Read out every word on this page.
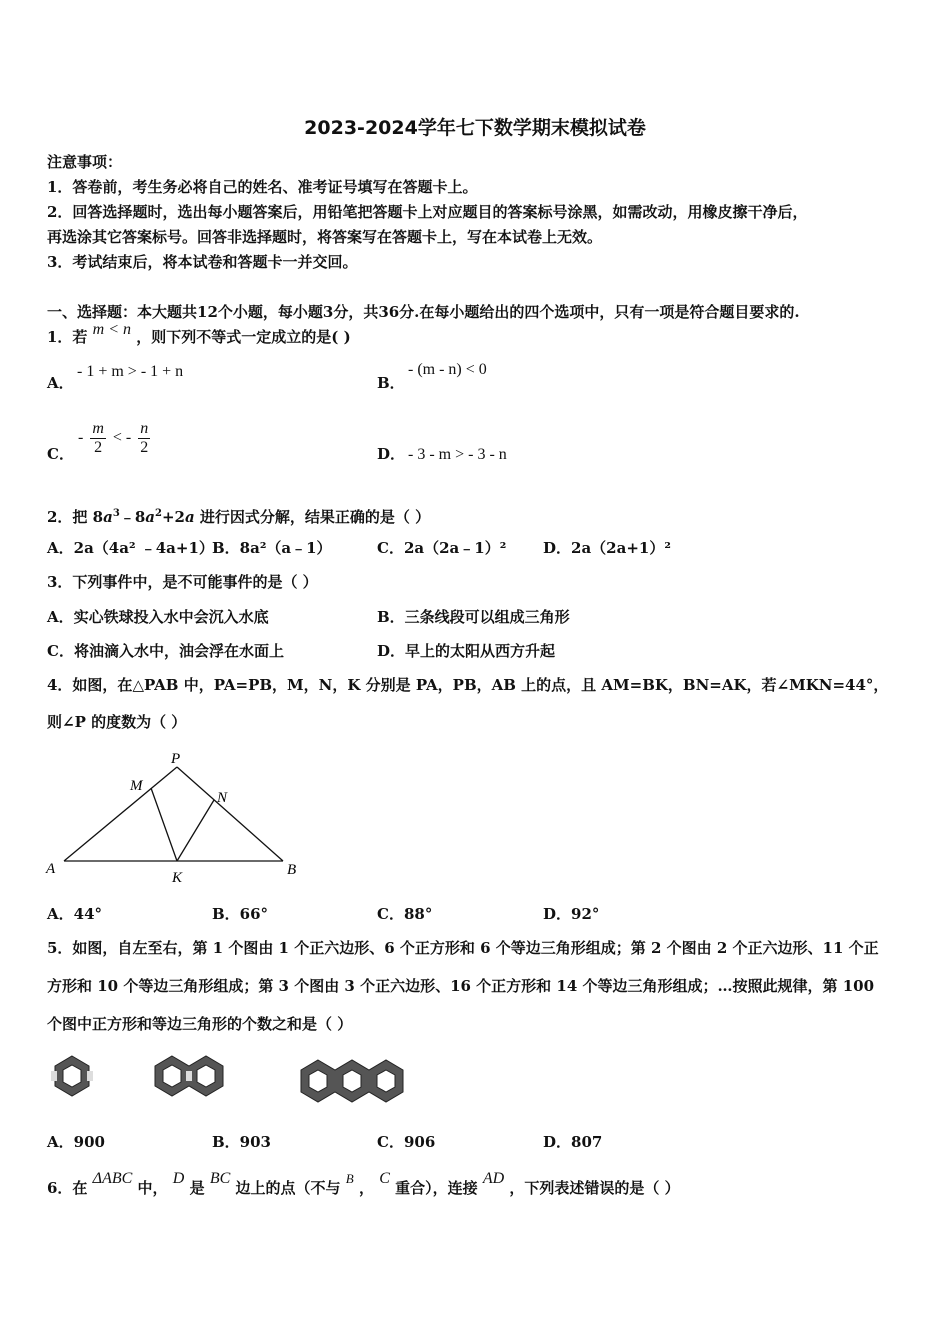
2023-2024学年七下数学期末模拟试卷
注意事项：
1．答卷前，考生务必将自己的姓名、准考证号填写在答题卡上。
2．回答选择题时，选出每小题答案后，用铅笔把答题卡上对应题目的答案标号涂黑，如需改动，用橡皮擦干净后，
再选涂其它答案标号。回答非选择题时，将答案写在答题卡上，写在本试卷上无效。
3．考试结束后，将本试卷和答题卡一并交回。
一、选择题：本大题共12个小题，每小题3分，共36分.在每小题给出的四个选项中，只有一项是符合题目要求的.
1．若 m < n ，则下列不等式一定成立的是( )
A．
- 1 + m > - 1 + n
B．
- (m - n) < 0
C．
- $\frac{m}{2}$ < - $\frac{n}{2}$	D． - 3 - m > - 3 - n
2．把 $8a^3﹣8a^2+2a$ 进行因式分解，结果正确的是（ ）
A．2a（4a² ﹣4a+1）
B．8a²（a﹣1）	C．2a（2a﹣1）² D．2a（2a+1）²
3．下列事件中，是不可能事件的是（ ）
A．实心铁球投入水中会沉入水底	B．三条线段可以组成三角形
C．将油滴入水中，油会浮在水面上	D．早上的太阳从西方升起
4．如图，在△PAB 中，PA=PB，M，N，K 分别是 PA，PB，AB 上的点，且 AM=BK，BN=AK，若∠MKN=44°，
则∠P 的度数为（ ）
P
M
N
A
K	B
A．44°	B．66°	C．88°	D．92°
5．如图，自左至右，第 1 个图由 1 个正六边形、6 个正方形和 6 个等边三角形组成；第 2 个图由 2 个正六边形、11 个正
方形和 10 个等边三角形组成；第 3 个图由 3 个正六边形、16 个正方形和 14 个等边三角形组成；…按照此规律，第 100
个图中正方形和等边三角形的个数之和是（ ）
A．900	B．903	C．906	D．807
6．在 ΔABC 中， D 是 BC 边上的点（不与 B ， C 重合），连接 AD ，下列表述错误的是（ ）
